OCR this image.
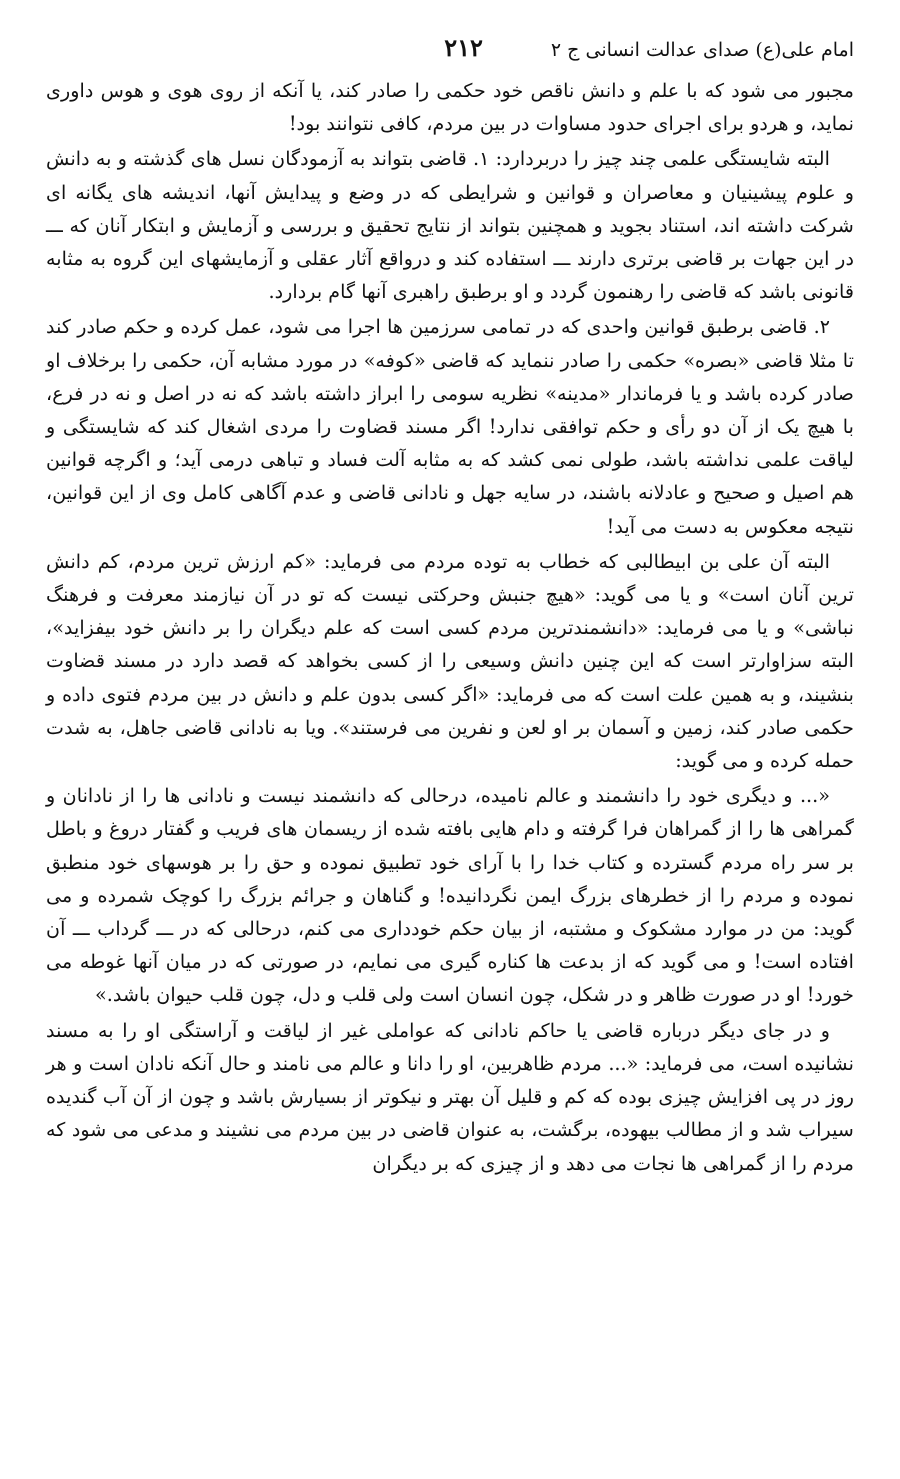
امام علی(ع) صدای عدالت انسانی ج ۲
۲۱۲

مجبور می شود که با علم و دانش ناقص خود حکمی را صادر کند، یا آنکه از روی هوی و هوس داوری نماید، و هردو برای اجرای حدود مساوات در بین مردم، کافی نتوانند بود!

البته شایستگی علمی چند چیز را دربردارد: ۱. قاضی بتواند به آزمودگان نسل های گذشته و به دانش و علوم پیشینیان و معاصران و قوانین و شرایطی که در وضع و پیدایش آنها، اندیشه های یگانه ای شرکت داشته اند، استناد بجوید و همچنین بتواند از نتایج تحقیق و بررسی و آزمایش و ابتکار آنان که ـــ در این جهات بر قاضی برتری دارند ـــ استفاده کند و درواقع آثار عقلی و آزمایشهای این گروه به مثابه قانونی باشد که قاضی را رهنمون گردد و او برطبق راهبری آنها گام بردارد.

۲. قاضی برطبق قوانین واحدی که در تمامی سرزمین ها اجرا می شود، عمل کرده و حکم صادر کند تا مثلا قاضی «بصره» حکمی را صادر ننماید که قاضی «کوفه» در مورد مشابه آن، حکمی را برخلاف او صادر کرده باشد و یا فرماندار «مدینه» نظریه سومی را ابراز داشته باشد که نه در اصل و نه در فرع، با هیچ یک از آن دو رأی و حکم توافقی ندارد! اگر مسند قضاوت را مردی اشغال کند که شایستگی و لیاقت علمی نداشته باشد، طولی نمی کشد که به مثابه آلت فساد و تباهی درمی آید؛ و اگرچه قوانین هم اصیل و صحیح و عادلانه باشند، در سایه جهل و نادانی قاضی و عدم آگاهی کامل وی از این قوانین، نتیجه معکوس به دست می آید!

البته آن علی بن ابیطالبی که خطاب به توده مردم می فرماید: «کم ارزش ترین مردم، کم دانش ترین آنان است» و یا می گوید: «هیچ جنبش وحرکتی نیست که تو در آن نیازمند معرفت و فرهنگ نباشی» و یا می فرماید: «دانشمندترین مردم کسی است که علم دیگران را بر دانش خود بیفزاید»، البته سزاوارتر است که این چنین دانش وسیعی را از کسی بخواهد که قصد دارد در مسند قضاوت بنشیند، و به همین علت است که می فرماید: «اگر کسی بدون علم و دانش در بین مردم فتوی داده و حکمی صادر کند، زمین و آسمان بر او لعن و نفرین می فرستند». ویا به نادانی قاضی جاهل، به شدت حمله کرده و می گوید:

«... و دیگری خود را دانشمند و عالم نامیده، درحالی که دانشمند نیست و نادانی ها را از نادانان و گمراهی ها را از گمراهان فرا گرفته و دام هایی بافته شده از ریسمان های فریب و گفتار دروغ و باطل بر سر راه مردم گسترده و کتاب خدا را با آرای خود تطبیق نموده و حق را بر هوسهای خود منطبق نموده و مردم را از خطرهای بزرگ ایمن نگردانیده! و گناهان و جرائم بزرگ را کوچک شمرده و می گوید: من در موارد مشکوک و مشتبه، از بیان حکم خودداری می کنم، درحالی که در ـــ گرداب ـــ آن افتاده است! و می گوید که از بدعت ها کناره گیری می نمایم، در صورتی که در میان آنها غوطه می خورد! او در صورت ظاهر و در شکل، چون انسان است ولی قلب و دل، چون قلب حیوان باشد.»

و در جای دیگر درباره قاضی یا حاکم نادانی که عواملی غیر از لیاقت و آراستگی او را به مسند نشانیده است، می فرماید: «... مردم ظاهربین، او را دانا و عالم می نامند و حال آنکه نادان است و هر روز در پی افزایش چیزی بوده که کم و قلیل آن بهتر و نیکوتر از بسیارش باشد و چون از آن آب گندیده سیراب شد و از مطالب بیهوده، برگشت، به عنوان قاضی در بین مردم می نشیند و مدعی می شود که مردم را از گمراهی ها نجات می دهد و از چیزی که بر دیگران
